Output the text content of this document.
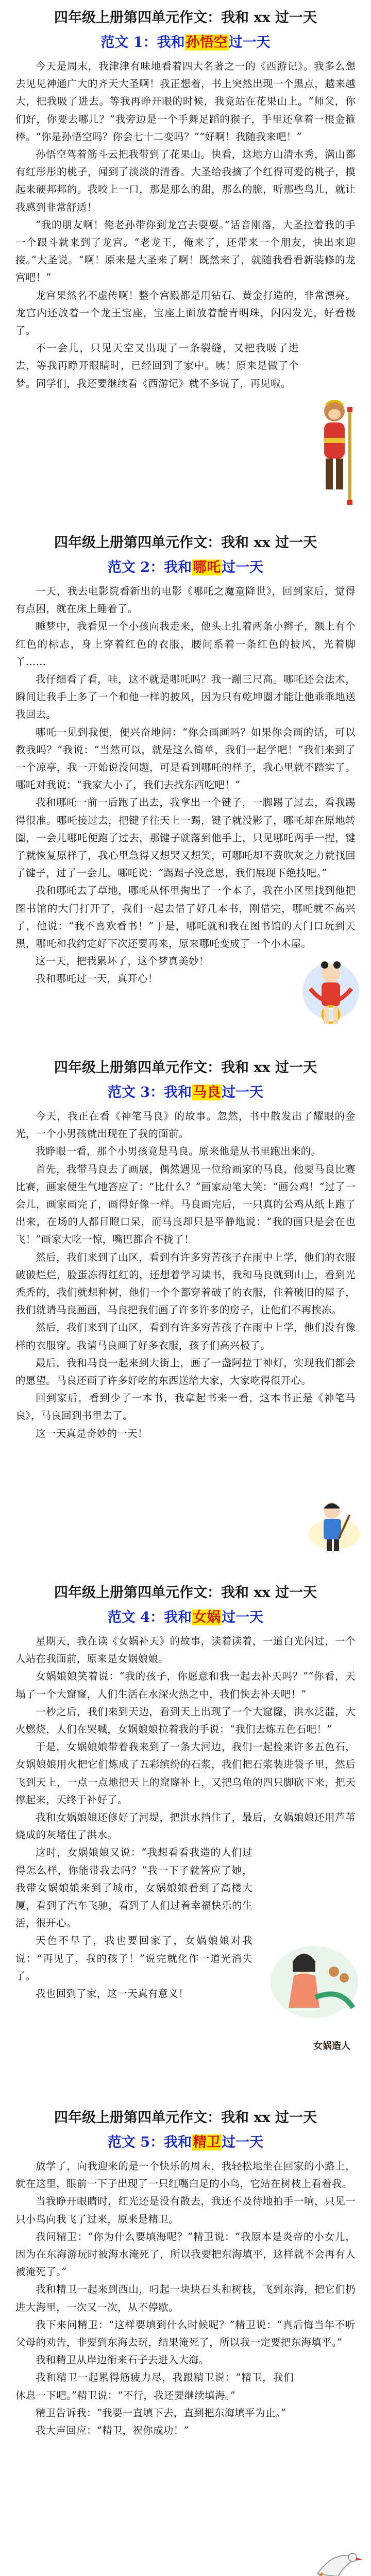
四年级上册第四单元作文：我和 xx 过一天
范文 1：我和孙悟空过一天

今天是周末，我津津有味地看着四大名著之一的《西游记》。我多么想去见见神通广大的齐天大圣啊！我正想着，书上突然出现一个黑点，越来越大，把我吸了进去。等我再睁开眼的时候，我竟站在花果山上。“师父，你们好，你要去哪儿？”我旁边是一个手舞足蹈的猴子，手里还拿着一根金箍棒。“你是孙悟空吗？你会七十二变吗？”“好啊！我随我来吧！”

孙悟空驾着筋斗云把我带到了花果山。快看，这地方山清水秀，满山都有红彤彤的桃子，闻到了淡淡的清香。大圣给我摘了个红得可爱的桃子，摸起来硬邦邦的。我咬上一口，那是那么的甜，那么的脆，听那些鸟儿，就让我感到非常舒适！

“我的朋友啊！俺老孙带你到龙宫去耍耍。”话音刚落，大圣拉着我的手一个跟斗就来到了龙宫。“老龙王，俺来了，还带来一个朋友，快出来迎接。”大圣说。“啊！原来是大圣来了啊！既然来了，就随我看看新装修的龙宫吧！”

龙宫果然名不虚传啊！整个宫殿都是用钻石、黄金打造的，非常漂亮。龙宫内还放着一个龙王宝座，宝座上面放着靛青明珠，闪闪发光，好看极了。

不一会儿，只见天空又出现了一条裂缝，又把我吸了进去，等我再睁开眼睛时，已经回到了家中。咦！原来是做了个梦。同学们，我还要继续看《西游记》就不多说了，再见啦。

四年级上册第四单元作文：我和 xx 过一天
范文 2：我和哪吒过一天

一天，我去电影院看新出的电影《哪吒之魔童降世》，回到家后，觉得有点困，就在床上睡着了。

睡梦中，我看见一个小孩向我走来，他头上扎着两条小辫子，额上有个红色的标志，身上穿着红色的衣服，腰间系着一条红色的披风，光着脚丫……

我仔细看了看，哇，这不就是哪吒吗？我一蹦三尺高。哪吒还会法术，瞬间让我手上多了一个和他一样的披风，因为只有乾坤圈才能让他乖乖地送我回去。

哪吒一见到我便，便兴奋地问：“你会画画吗？如果你会画的话，可以教我吗？”我说：“当然可以，就是这么简单，我们一起学吧！”我们来到了一个凉亭，我一开始说没问题，可是看到哪吒的样子，我心里就不踏实了。哪吒对我说：“我家大小了，我们去找东西吃吧！”

我和哪吒一前一后跑了出去，我拿出一个键子，一脚踢了过去，看我踢得很准。哪吒接过去，把键子往天上一踢，键子就没影了，哪吒却在原地转圈，一会儿哪吒便跑了过去，那键子就落到他手上，只见哪吒两手一捏，键子就恢复原样了，我心里急得又想哭又想笑，可哪吒却不费吹灰之力就找回了键子，过了一会儿，哪吒说：“踢踢子没意思，我们展现下绝技吧。”

我和哪吒去了草地，哪吒从怀里掏出了一个本子，我在小区里找到他把图书馆的大门打开了，我们一起去借了好几本书，刚借完，哪吒就不高兴了，他说：“我不喜欢看书！”于是，哪吒就和我在图书馆的大门口玩到天黑，哪吒和我约定好下次还要再来，原来哪吒变成了一个小木屋。

这一天，把我累坏了，这个梦真美妙！

我和哪吒过一天，真开心！

四年级上册第四单元作文：我和 xx 过一天
范文 3：我和马良过一天

今天，我正在看《神笔马良》的故事。忽然，书中散发出了耀眼的金光，一个小男孩就出现在了我的面前。

我睁眼一看，那个小男孩竟是马良。原来他是从书里跑出来的。

首先，我带马良去了画展，偶然遇见一位给画家的马良，他要马良比赛比赛，画家便生气地答应了：“比什么？”画家动笔大笑：“画公鸡！”过了一会儿，画家画完了，画得好像一样。马良画完后，一只真的公鸡从纸上跑了出来，在场的人都目瞪口呆，而马良却只是平静地说：“我的画只是会在也飞！”画家大吃一惊，嘴巴都合不拢了！

然后，我们来到了山区，看到有许多穷苦孩子在雨中上学，他们的衣服破破烂烂，脸蛋冻得红红的，还想着学习读书，我和马良就到山上，看到光秃秃的，我们就想种树，他们一个个都穿着破了的衣服，住着破旧的屋子，我们就请马良画画，马良把我们画了许多许多的房子，让他们不再挨冻。

然后，我们来到了山区，看到有许多穷苦孩子在雨中上学，他们没有像样的衣服穿。我请马良画了好多衣服，孩子们高兴极了。

最后，我和马良一起来到大街上，画了一盏阿拉丁神灯，实现我们都会的愿望。马良还画了许多好吃的东西送给大家，大家吃得很开心。

回到家后，看到少了一本书，我拿起书来一看，这本书正是《神笔马良》，马良回到书里去了。

这一天真是奇妙的一天！

四年级上册第四单元作文：我和 xx 过一天
范文 4：我和女娲过一天

星期天，我在读《女娲补天》的故事，读着读着，一道白光闪过，一个人站在我面前，原来是女娲娘娘。

女娲娘娘笑着说：“我的孩子，你愿意和我一起去补天吗？”“你看，天塌了一个大窟窿，人们生活在水深火热之中，我们快去补天吧！”

一秒之后，我们来到天边，看到天上出现了一个大窟窿，洪水泛滥，大火燃烧，人们在哭喊，女娲娘娘拉着我的手说：“我们去炼五色石吧！”

于是，女娲娘娘带着我来到了一条大河边，我们一起捡来许多五色石，女娲娘娘用火把它们炼成了五彩缤纷的石浆，我们把石浆装进袋子里，然后飞到天上，一点一点地把天上的窟窿补上，又把乌龟的四只脚砍下来，把天撑起来，天终于补好了。

我和女娲娘娘还修好了河堤，把洪水挡住了，最后，女娲娘娘还用芦苇烧成的灰堵住了洪水。

这时，女娲娘娘又说：“我想看看我造的人们过得怎么样，你能带我去吗？”我一下子就答应了她，我带女娲娘娘来到了城市，女娲娘娘看到了高楼大厦，看到了汽车飞驰，看到了人们过着幸福快乐的生活，很开心。

天色不早了，我也要回家了，女娲娘娘对我说：“再见了，我的孩子！”说完就化作一道光消失了。

我也回到了家，这一天真有意义！

女娲造人
四年级上册第四单元作文：我和 xx 过一天
范文 5：我和精卫过一天

放学了，向我迎来的是一个快乐的周末，我轻松地坐在回家的小路上，就在这里，眼前一下子出现了一只红嘴白足的小鸟，它站在树枝上看着我。

当我睁开眼睛时，红光还是没有散去，我还不及待地拍手一响，只见一只小鸟向我飞了过来，原来是精卫。

我问精卫：“你为什么要填海呢？”精卫说：“我原本是炎帝的小女儿，因为在东海游玩时被海水淹死了，所以我要把东海填平，这样就不会再有人被淹死了。”

我和精卫一起来到西山，叼起一块块石头和树枝，飞到东海，把它们扔进大海里，一次又一次，从不停歇。

我下来问精卫：“这样要填到什么时候呢？”精卫说：“真后悔当年不听父母的劝告，非要到东海去玩，结果淹死了，所以我一定要把东海填平。”

我和精卫从岸边衔来石子去进入大海。

我和精卫一起累得筋疲力尽，我跟精卫说：“精卫，我们休息一下吧。”精卫说：“不行，我还要继续填海。”

精卫告诉我：“我要一直填下去，直到把东海填平为止。”

我大声回应：“精卫，祝你成功！”
